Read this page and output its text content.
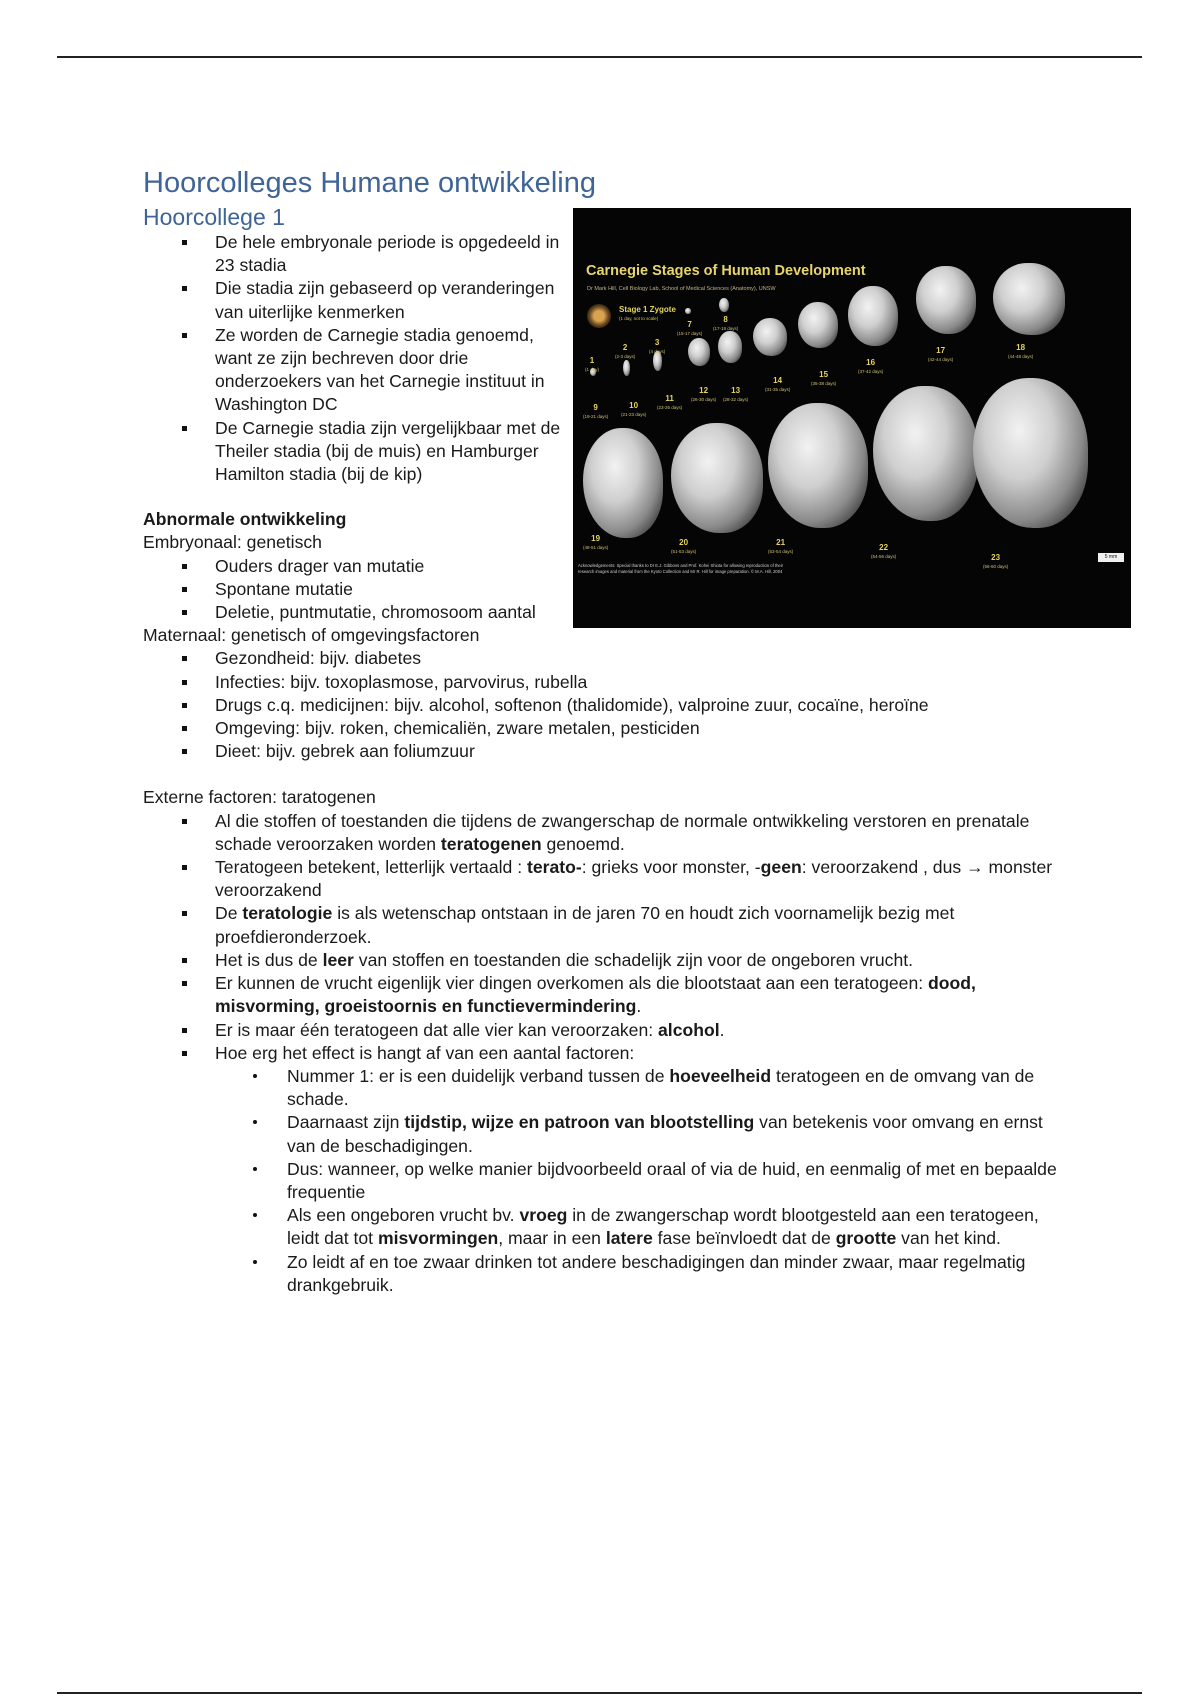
Carnegie Stages of Human Development
Dr Mark Hill, Cell Biology Lab, School of Medical Sciences (Anatomy), UNSW
Stage 1 Zygote
(1 day, not to scale)
1
(1 day)
2
(2-3 days)
3
(4 days)
7
(15-17 days)
8
(17-19 days)
9
(19-21 days)
10
(21-23 days)
11
(23-26 days)
12
(26-30 days)
13
(28-32 days)
14
(31-35 days)
15
(35-38 days)
16
(37-42 days)
17
(42-44 days)
18
(44-48 days)
19
(48-51 days)
20
(51-53 days)
21
(53-54 days)	22
(54-56 days)	23
(56-60 days)
5 mm
Acknowledgements: Special thanks to Dr E.J. Gibbons and Prof. Kohei Shiota for allowing reproduction of their research images and material from the Kyoto Collection and Mr R. Hill for image preparation. © M.A. Hill, 2004
Hoorcolleges Humane ontwikkeling
Hoorcollege 1
De hele embryonale periode is opgedeeld in 23 stadia
Die stadia zijn gebaseerd op veranderingen van uiterlijke kenmerken
Ze worden de Carnegie stadia genoemd, want ze zijn bechreven door drie onderzoekers van het Carnegie instituut in Washington DC
De Carnegie stadia zijn vergelijkbaar met de Theiler stadia (bij de muis) en Hamburger Hamilton stadia (bij de kip)
Abnormale ontwikkeling
Embryonaal: genetisch
Ouders drager van mutatie
Spontane mutatie
Deletie, puntmutatie, chromosoom aantal
Maternaal: genetisch of omgevingsfactoren
Gezondheid: bijv. diabetes
Infecties: bijv. toxoplasmose, parvovirus, rubella
Drugs c.q. medicijnen: bijv. alcohol, softenon (thalidomide), valproine zuur, cocaïne, heroïne
Omgeving: bijv. roken, chemicaliën, zware metalen, pesticiden
Dieet: bijv. gebrek aan foliumzuur
Externe factoren: taratogenen
Al die stoffen of toestanden die tijdens de zwangerschap de normale ontwikkeling verstoren en prenatale schade veroorzaken worden teratogenen genoemd.
Teratogeen betekent, letterlijk vertaald : terato-: grieks voor monster, -geen: veroorzakend , dus → monster veroorzakend
De teratologie is als wetenschap ontstaan in de jaren 70 en houdt zich voornamelijk bezig met proefdieronderzoek.
Het is dus de leer van stoffen en toestanden die schadelijk zijn voor de ongeboren vrucht.
Er kunnen de vrucht eigenlijk vier dingen overkomen als die blootstaat aan een teratogeen: dood, misvorming, groeistoornis en functievermindering.
Er is maar één teratogeen dat alle vier kan veroorzaken: alcohol.
Hoe erg het effect is hangt af van een aantal factoren:
Nummer 1: er is een duidelijk verband tussen de hoeveelheid teratogeen en de omvang van de schade.
Daarnaast zijn tijdstip, wijze en patroon van blootstelling van betekenis voor omvang en ernst van de beschadigingen.
Dus: wanneer, op welke manier bijdvoorbeeld oraal of via de huid, en eenmalig of met en bepaalde frequentie
Als een ongeboren vrucht bv. vroeg in de zwangerschap wordt blootgesteld aan een teratogeen, leidt dat tot misvormingen, maar in een latere fase beïnvloedt dat de grootte van het kind.
Zo leidt af en toe zwaar drinken tot andere beschadigingen dan minder zwaar, maar regelmatig drankgebruik.
